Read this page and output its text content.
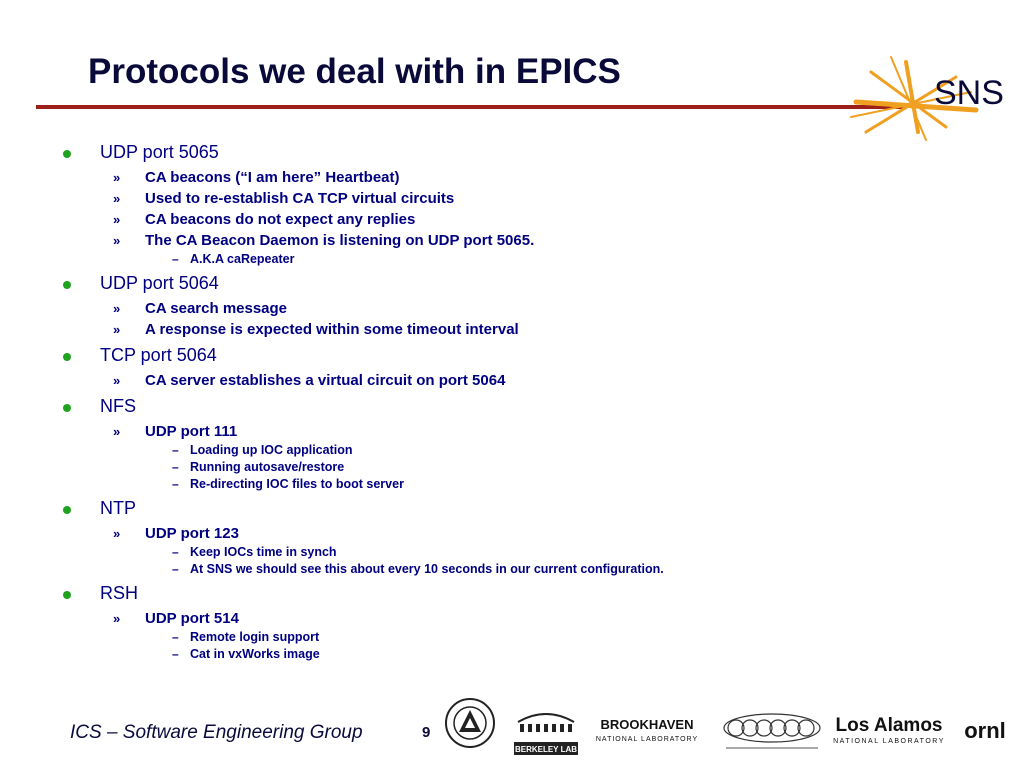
Protocols we deal with in EPICS
SNS
UDP port 5065
» CA beacons (“I am here” Heartbeat)
» Used to re-establish CA TCP virtual circuits
» CA beacons do not expect any replies
» The CA Beacon Daemon is listening on UDP port 5065.
– A.K.A caRepeater
UDP port 5064
» CA search message
» A response is expected within some timeout interval
TCP port 5064
» CA server establishes a virtual circuit on port 5064
NFS
» UDP port 111
– Loading up IOC application
– Running autosave/restore
– Re-directing IOC files to boot server
NTP
» UDP port 123
– Keep IOCs time in synch
– At SNS we should see this about every 10 seconds in our current configuration.
RSH
» UDP port 514
– Remote login support
– Cat in vxWorks image
ICS – Software Engineering Group	9
BERKELEY LAB
BROOKHAVEN
NATIONAL LABORATORY
Los Alamos
NATIONAL LABORATORY ornl
